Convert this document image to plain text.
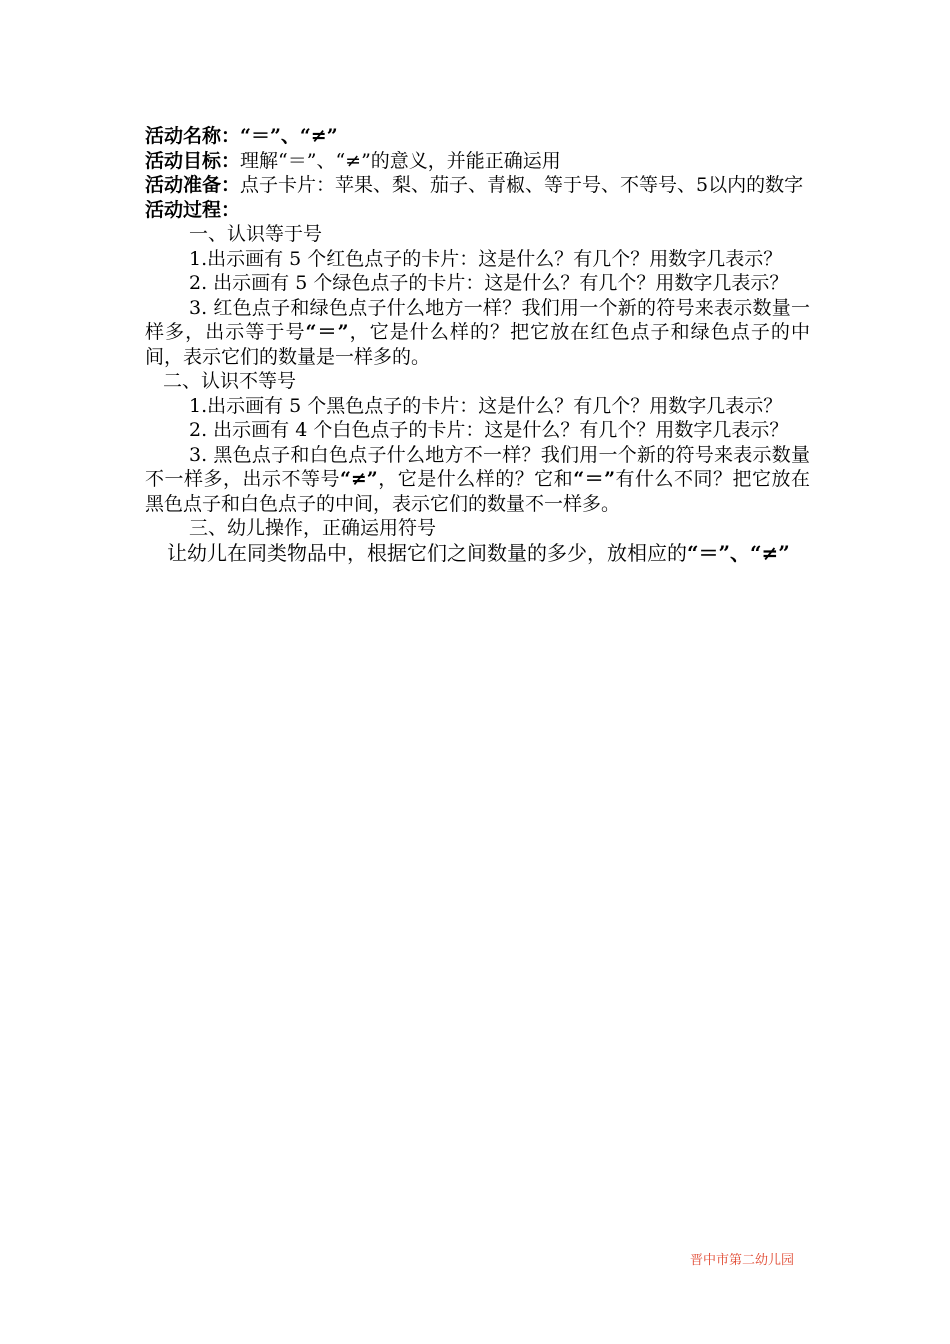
活动名称：“＝”、“≠”
活动目标：理解“＝”、“≠”的意义，并能正确运用
活动准备：点子卡片：苹果、梨、茄子、青椒、等于号、不等号、5以内的数字
活动过程：
一、认识等于号
1.出示画有 5 个红色点子的卡片：这是什么？有几个？用数字几表示？
2. 出示画有 5 个绿色点子的卡片：这是什么？有几个？用数字几表示？
3. 红色点子和绿色点子什么地方一样？我们用一个新的符号来表示数量一样多，出示等于号“＝”，它是什么样的？把它放在红色点子和绿色点子的中间，表示它们的数量是一样多的。
二、认识不等号
1.出示画有 5 个黑色点子的卡片：这是什么？有几个？用数字几表示？
2. 出示画有 4 个白色点子的卡片：这是什么？有几个？用数字几表示？
3. 黑色点子和白色点子什么地方不一样？我们用一个新的符号来表示数量不一样多，出示不等号“≠”，它是什么样的？它和“＝”有什么不同？把它放在黑色点子和白色点子的中间，表示它们的数量不一样多。
三、幼儿操作，正确运用符号
让幼儿在同类物品中，根据它们之间数量的多少，放相应的“＝”、“≠”
晋中市第二幼儿园
